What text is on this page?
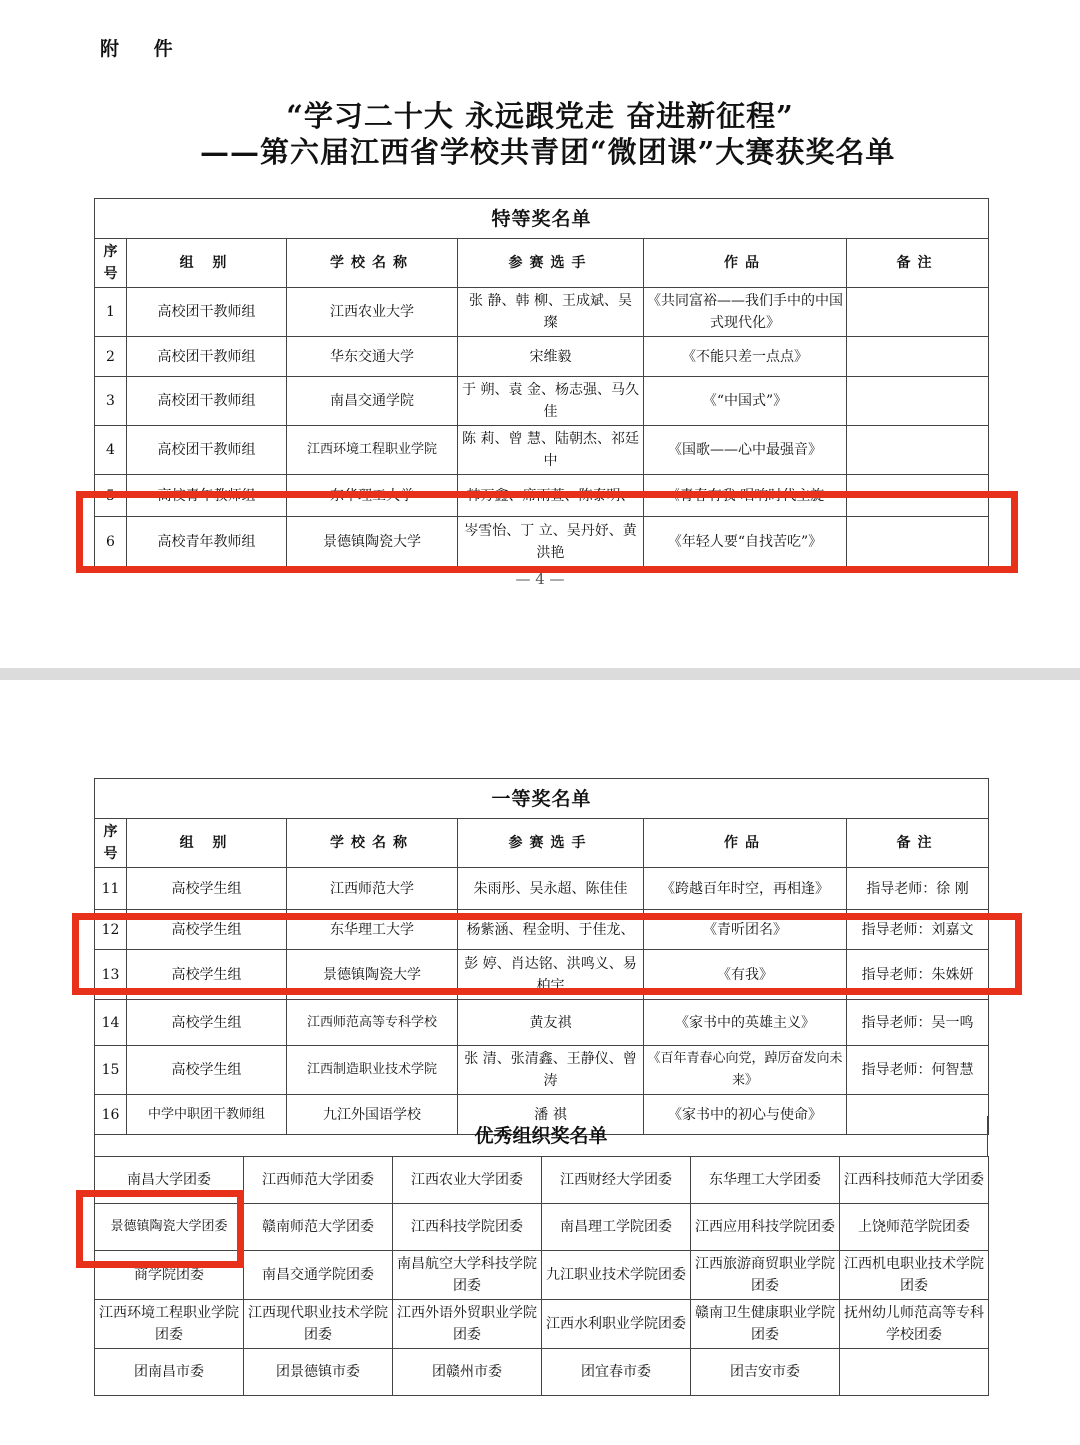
附 件
“学习二十大 永远跟党走 奋进新征程”
——第六届江西省学校共青团“微团课”大赛获奖名单
特等奖名单					
序号	组 别	学校名称	参赛选手	作品	备注
1	高校团干教师组	江西农业大学	张 静、韩 柳、王成斌、吴 璨	《共同富裕——我们手中的中国式现代化》	
2	高校团干教师组	华东交通大学	宋维毅	《不能只差一点点》	
3	高校团干教师组	南昌交通学院	于 朔、袁 金、杨志强、马久佳	《“中国式”》	
4	高校团干教师组	江西环境工程职业学院	陈 莉、曾 慧、陆朝杰、祁廷中	《国歌——心中最强音》	
5	高校青年教师组	东华理工大学	韩万鑫、席雨萱、陈泰明、	《青春有我 唱响时代主旋	
6	高校青年教师组	景德镇陶瓷大学	岑雪怡、丁 立、吴丹妤、黄洪艳	《年轻人要“自找苦吃”》	
— 4 —
一等奖名单					
序号	组 别	学校名称	参赛选手	作品	备注
11	高校学生组	江西师范大学	朱雨彤、吴永超、陈佳佳	《跨越百年时空，再相逢》	指导老师：徐 刚
12	高校学生组	东华理工大学	杨紫涵、程金明、于佳龙、	《青听团名》	指导老师：刘嘉文
13	高校学生组	景德镇陶瓷大学	彭 婷、肖达铭、洪鸣义、易柏宇	《有我》	指导老师：朱姝妍
14	高校学生组	江西师范高等专科学校	黄友祺	《家书中的英雄主义》	指导老师：吴一鸣
15	高校学生组	江西制造职业技术学院	张 清、张清鑫、王静仪、曾 涛	《百年青春心向党，踔厉奋发向未来》	指导老师：何智慧
16	中学中职团干教师组	九江外国语学校	潘 祺	《家书中的初心与使命》	
优秀组织奖名单
南昌大学团委	江西师范大学团委	江西农业大学团委	江西财经大学团委	东华理工大学团委	江西科技师范大学团委
景德镇陶瓷大学团委	赣南师范大学团委	江西科技学院团委	南昌理工学院团委	江西应用科技学院团委	上饶师范学院团委
商学院团委	南昌交通学院团委	南昌航空大学科技学院团委	九江职业技术学院团委	江西旅游商贸职业学院团委	江西机电职业技术学院团委
江西环境工程职业学院团委	江西现代职业技术学院团委	江西外语外贸职业学院团委	江西水利职业学院团委	赣南卫生健康职业学院团委	抚州幼儿师范高等专科学校团委
团南昌市委	团景德镇市委	团赣州市委	团宜春市委	团吉安市委	
